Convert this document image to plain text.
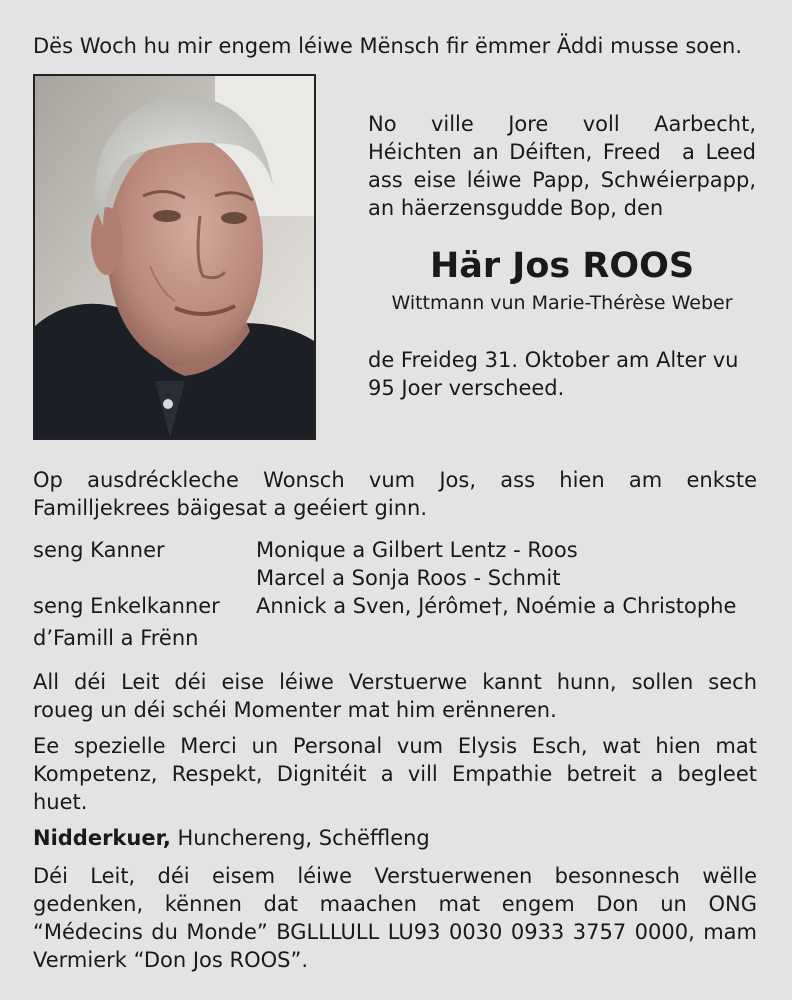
Dës Woch hu mir engem léiwe Mënsch fir ëmmer Äddi musse soen.

No ville Jore voll Aarbecht,

Héichten an Déiften, Freed  a Leed

ass eise léiwe Papp, Schwéierpapp,

an häerzensgudde Bop, den

Här Jos ROOS

Wittmann vun Marie-Thérèse Weber

de Freideg 31. Oktober am Alter vu

95 Joer verscheed.

Op ausdréckleche Wonsch vum Jos, ass hien am enkste

Familljekrees bäigesat a geéiert ginn.

seng Kanner	Monique a Gilbert Lentz - Roos

Marcel a Sonja Roos - Schmit

seng Enkelkanner Annick a Sven, Jérôme†, Noémie a Christophe

d’Famill a Frënn

All déi Leit déi eise léiwe Verstuerwe kannt hunn, sollen sech

roueg un déi schéi Momenter mat him erënneren.

Ee spezielle Merci un Personal vum Elysis Esch, wat hien mat

Kompetenz, Respekt, Dignitéit a vill Empathie betreit a begleet

huet.

Nidderkuer, Hunchereng, Schëffleng

Déi Leit, déi eisem léiwe Verstuerwenen besonnesch wëlle

gedenken, kënnen dat maachen mat engem Don un ONG

“Médecins du Monde” BGLLLULL LU93 0030 0933 3757 0000, mam

Vermierk “Don Jos ROOS”.
